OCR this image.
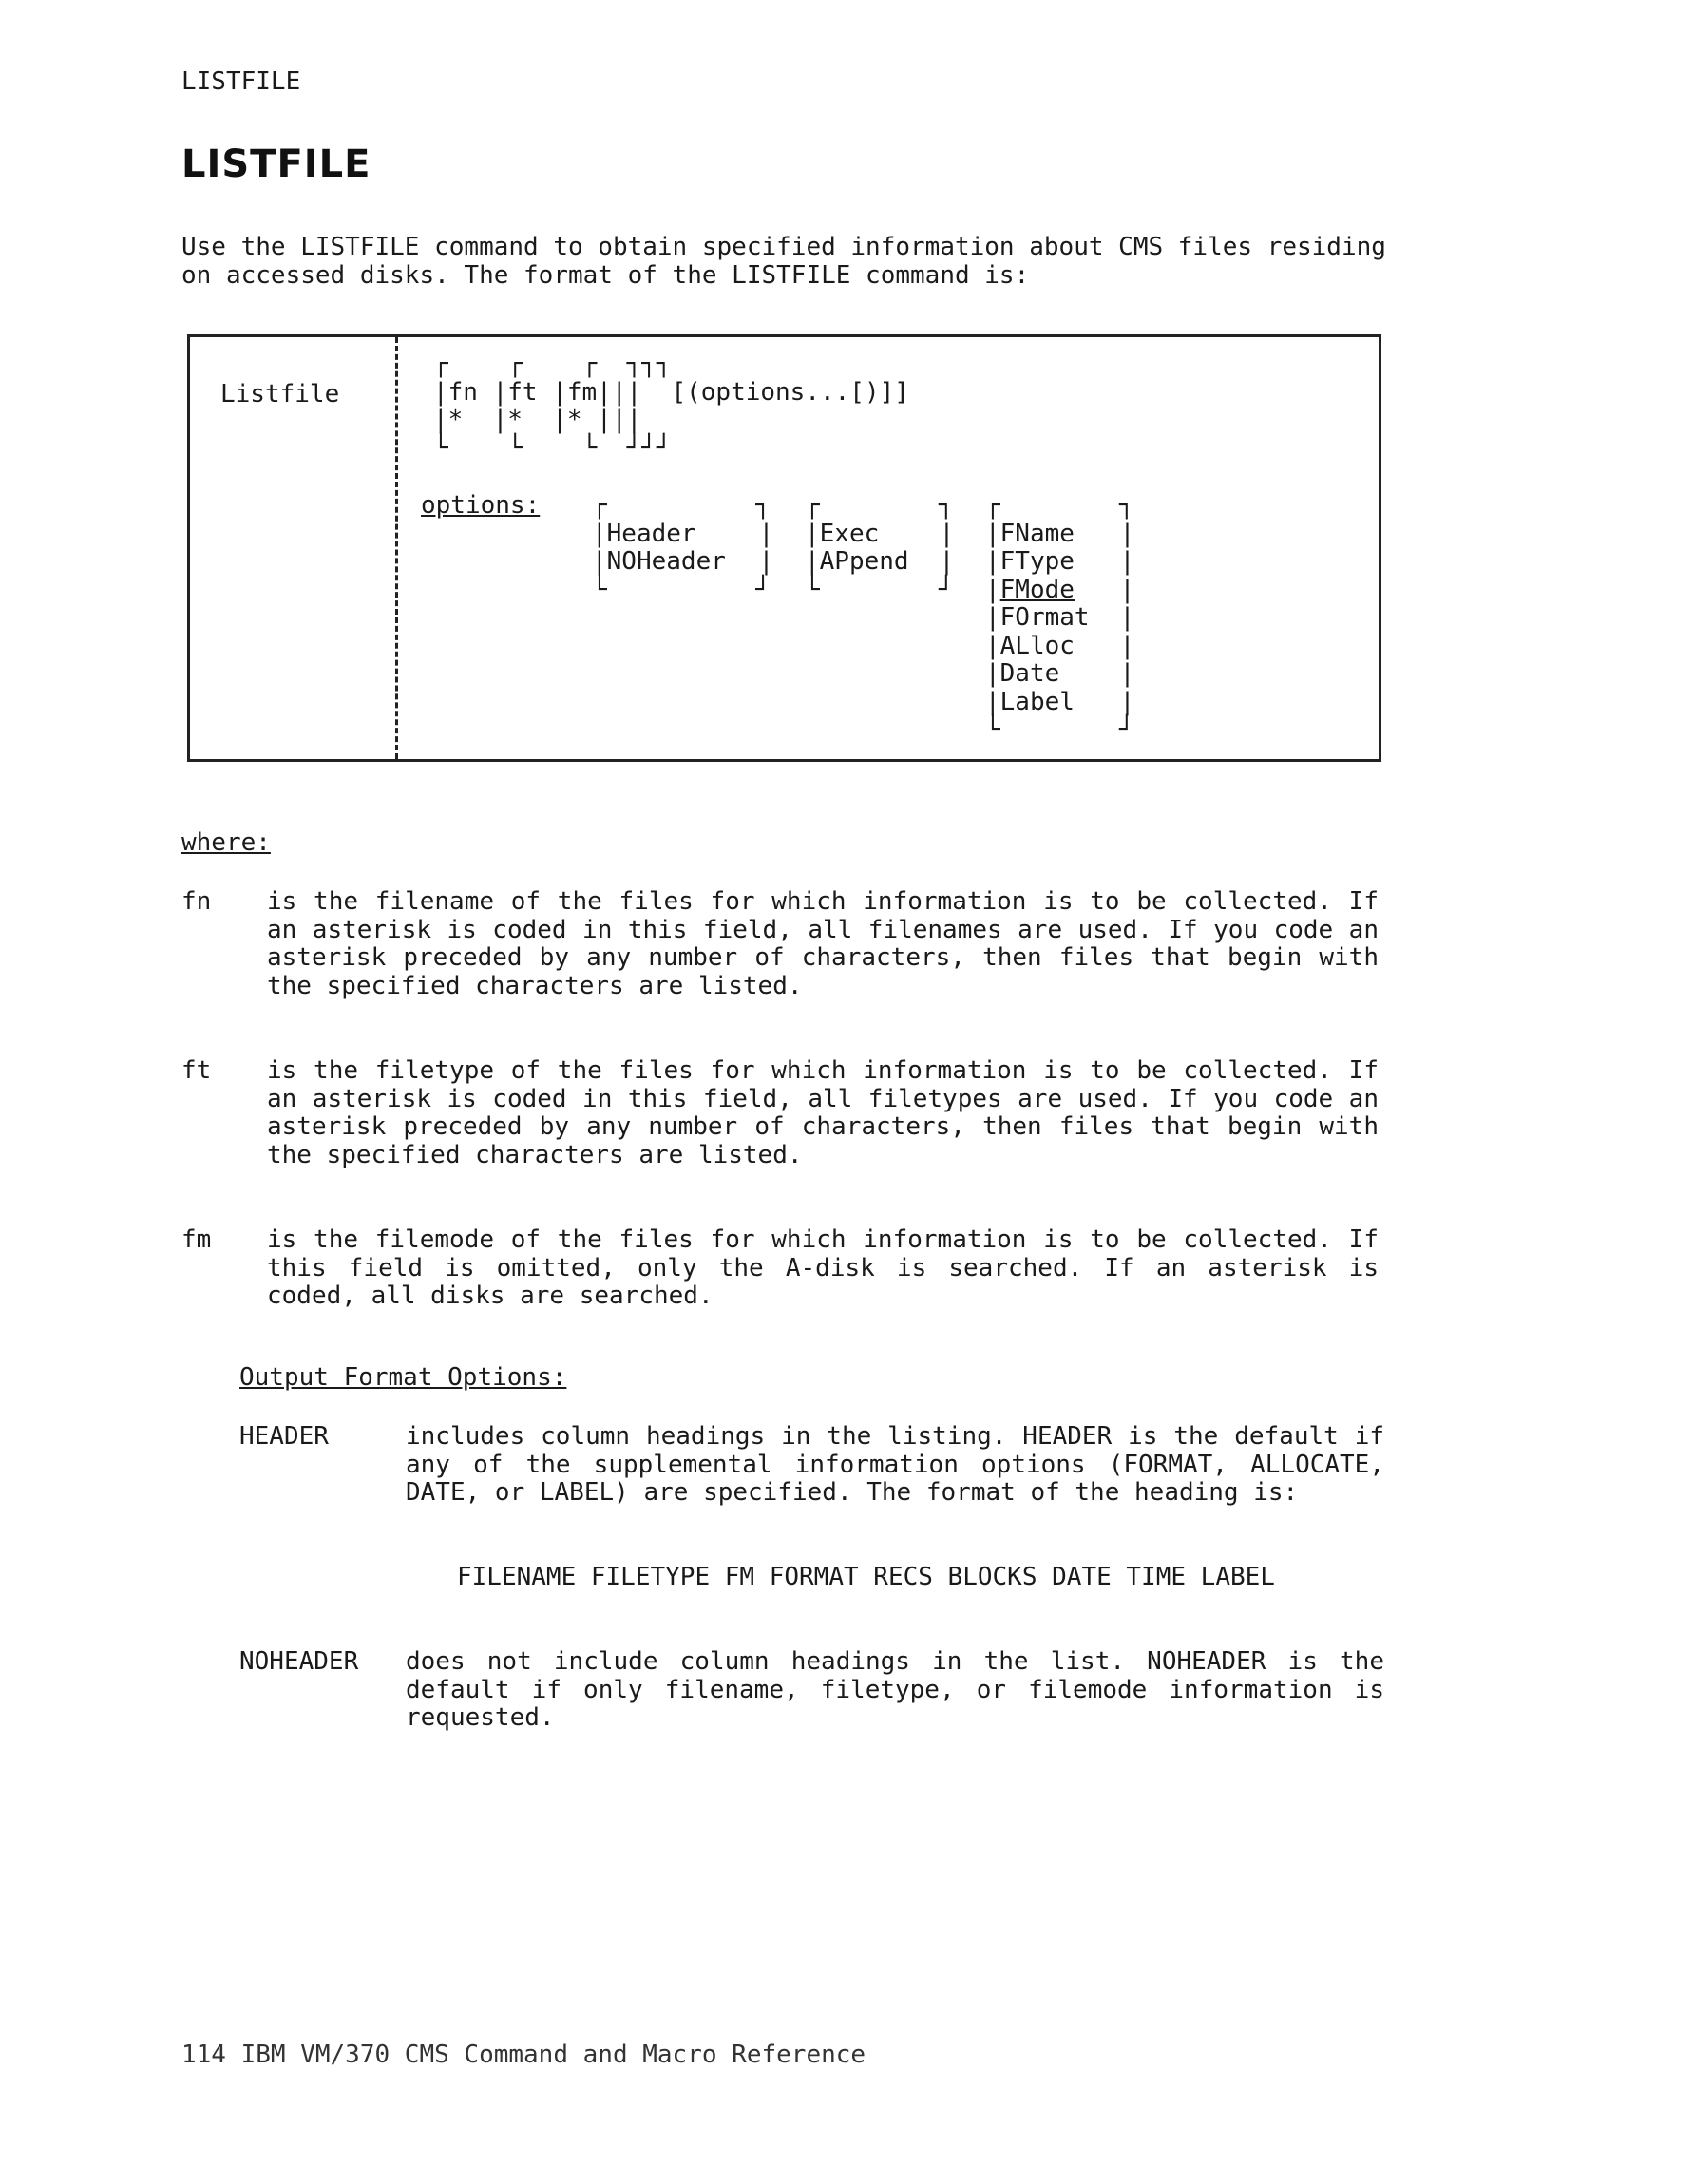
LISTFILE
LISTFILE

Use the LISTFILE command to obtain specified information about CMS files residing on accessed disks. The format of the LISTFILE command is:

Listfile
┌    ┌    ┌  ┐┐┐
|fn |ft |fm|||  [(options...[)]]
|*  |*  |* |||
└    └    └  ┘┘┘
options: ┌          ┐
| Header	|
| NOHeader	|
└          ┘
┌        ┐
| Exec	|
| APpend	|
└        ┘
┌        ┐
| FName	|
| FType	|
| FMode	|
| FOrmat	|
| ALloc	|
| Date	|
| Label	|
└        ┘
where:
fn is the filename of the files for which information is to be collected. If an asterisk is coded in this field, all filenames are used. If you code an asterisk preceded by any number of characters, then files that begin with the specified characters are listed.
ft is the filetype of the files for which information is to be collected. If an asterisk is coded in this field, all filetypes are used. If you code an asterisk preceded by any number of characters, then files that begin with the specified characters are listed.
fm is the filemode of the files for which information is to be collected. If this field is omitted, only the A-disk is searched. If an asterisk is coded, all disks are searched.
Output Format Options:
HEADER	includes column headings in the listing. HEADER is the default if any of the supplemental information options (FORMAT, ALLOCATE, DATE, or LABEL) are specified. The format of the heading is:
FILENAME FILETYPE FM FORMAT RECS BLOCKS DATE TIME LABEL
NOHEADER does not include column headings in the list. NOHEADER is the default if only filename, filetype, or filemode information is requested.
114 IBM VM/370 CMS Command and Macro Reference
